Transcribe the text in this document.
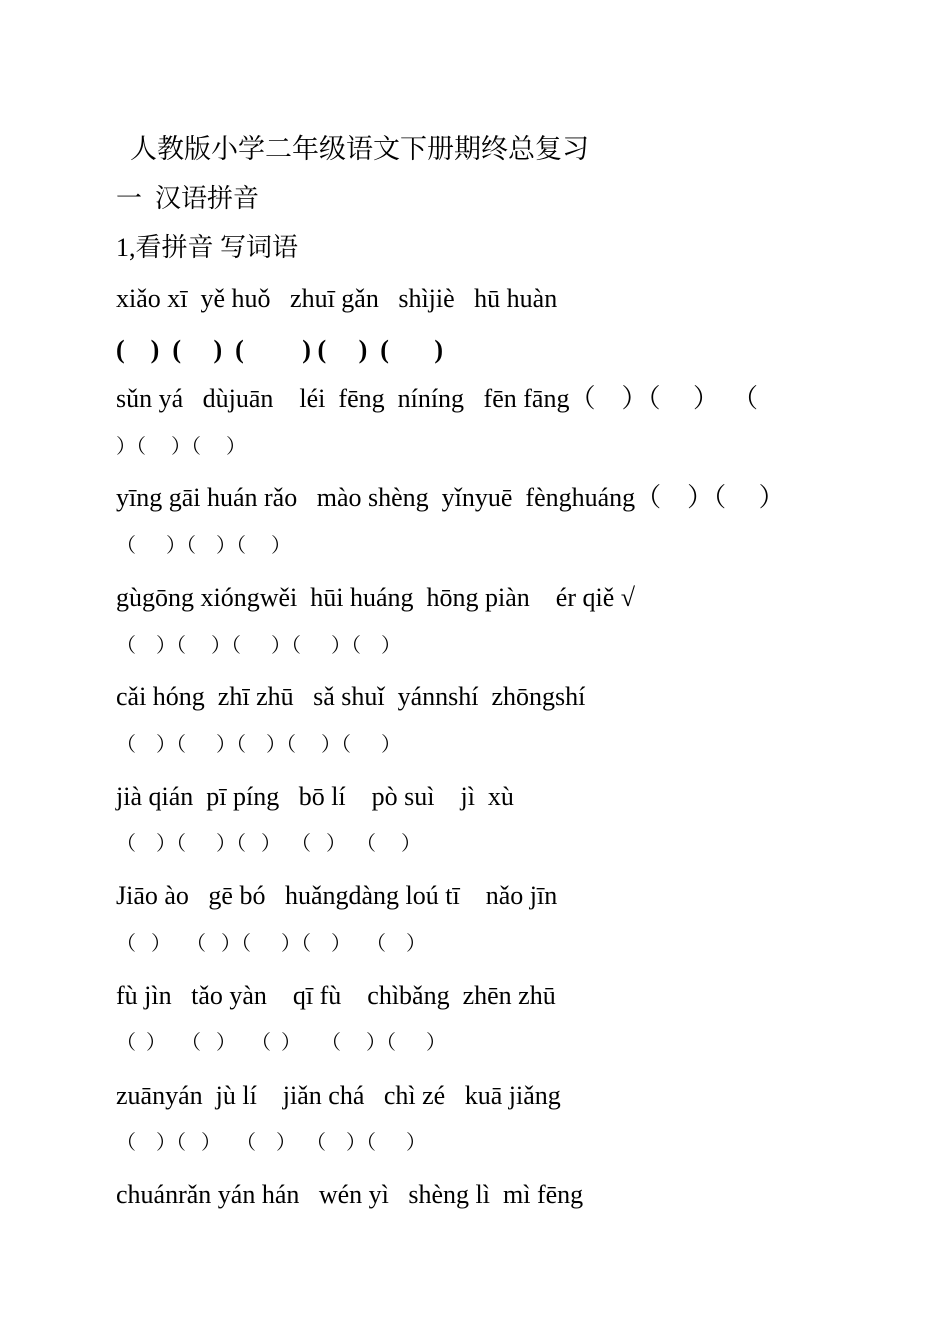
人教版小学二年级语文下册期终总复习
一  汉语拼音
1,看拼音 写词语
xiǎo xī  yě huǒ   zhuī gǎn   shìjiè   hū huàn
(    )  (     )  (         ) (     )  (       )
sǔn yá   dùjuān    léi  fēng  níníng   fēn fāng（    ）（     ）  （
）（     ）（     ）
yīng gāi huán rǎo   mào shèng  yǐnyuē  fènghuáng（    ）（     ）
（      ）（    ）（     ）
gùgōng xióngwěi  hūi huáng  hōng piàn    ér qiě √
（    ）（     ）（      ）（      ）（    ）
cǎi hóng  zhī zhū   sǎ shuǐ  yánnshí  zhōngshí
（    ）（      ）（    ）（     ）（      ）
jià qián  pī píng   bō lí    pò suì    jì  xù
（    ）（      ）（   ）  （   ）  （     ）
Jiāo ào   gē bó   huǎngdàng loú tī    nǎo jīn
（   ）   （   ）（      ）（    ）   （    ）
fù jìn   tǎo yàn    qī fù    chìbǎng  zhēn zhū
（  ）   （   ）   （  ）    （     ）（      ）
zuānyán  jù lí    jiǎn chá   chì zé   kuā jiǎng
（    ）（   ）   （    ）  （    ）（      ）
chuánrǎn yán hán   wén yì   shèng lì  mì fēng
